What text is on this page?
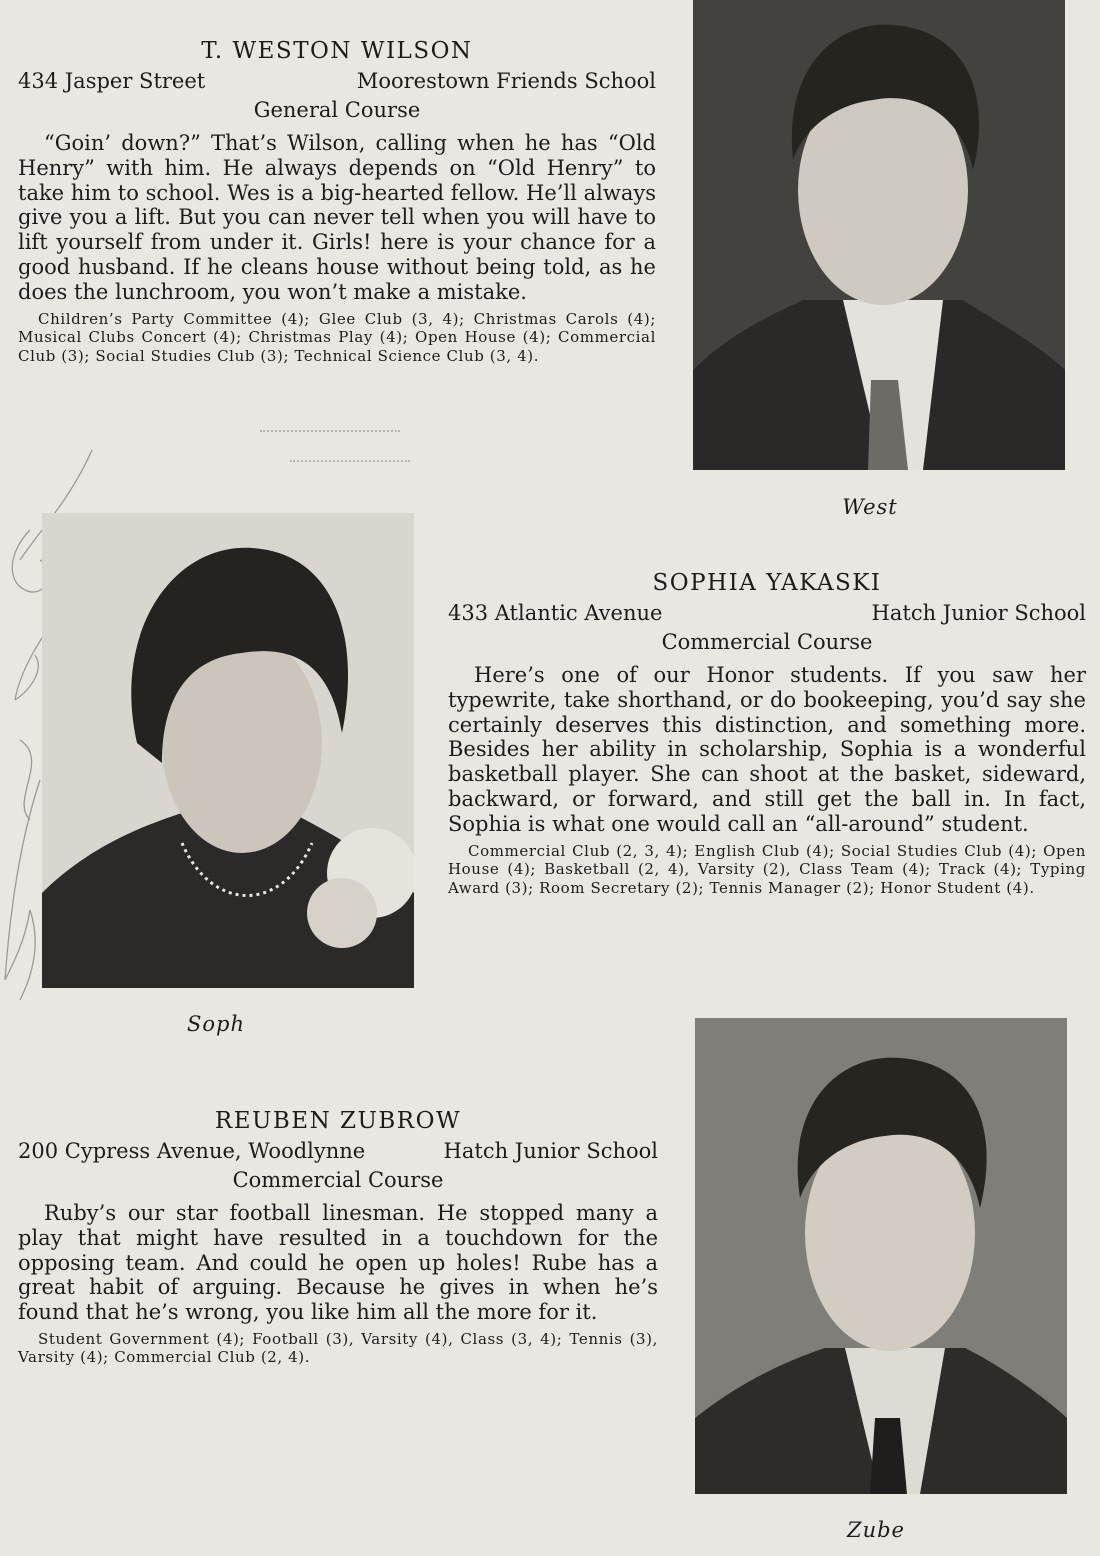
T. WESTON WILSON
434 Jasper Street	Moorestown Friends School
General Course

“Goin’ down?” That’s Wilson, calling when he has “Old Henry” with him. He always depends on “Old Henry” to take him to school. Wes is a big-hearted fellow. He’ll always give you a lift. But you can never tell when you will have to lift yourself from under it. Girls! here is your chance for a good husband. If he cleans house without being told, as he does the lunchroom, you won’t make a mistake.

Children’s Party Committee (4); Glee Club (3, 4); Christmas Carols (4); Musical Clubs Concert (4); Christmas Play (4); Open House (4); Commercial Club (3); Social Studies Club (3); Technical Science Club (3, 4).

West
Soph
SOPHIA YAKASKI
433 Atlantic Avenue	Hatch Junior School
Commercial Course

Here’s one of our Honor students. If you saw her typewrite, take shorthand, or do bookeeping, you’d say she certainly deserves this distinction, and something more. Besides her ability in scholarship, Sophia is a wonderful basketball player. She can shoot at the basket, sideward, backward, or forward, and still get the ball in. In fact, Sophia is what one would call an “all-around” student.

Commercial Club (2, 3, 4); English Club (4); Social Studies Club (4); Open House (4); Basketball (2, 4), Varsity (2), Class Team (4); Track (4); Typing Award (3); Room Secretary (2); Tennis Manager (2); Honor Student (4).

REUBEN ZUBROW
200 Cypress Avenue, Woodlynne	Hatch Junior School
Commercial Course

Ruby’s our star football linesman. He stopped many a play that might have resulted in a touchdown for the opposing team. And could he open up holes! Rube has a great habit of arguing. Because he gives in when he’s found that he’s wrong, you like him all the more for it.

Student Government (4); Football (3), Varsity (4), Class (3, 4); Tennis (3), Varsity (4); Commercial Club (2, 4).

Zube
